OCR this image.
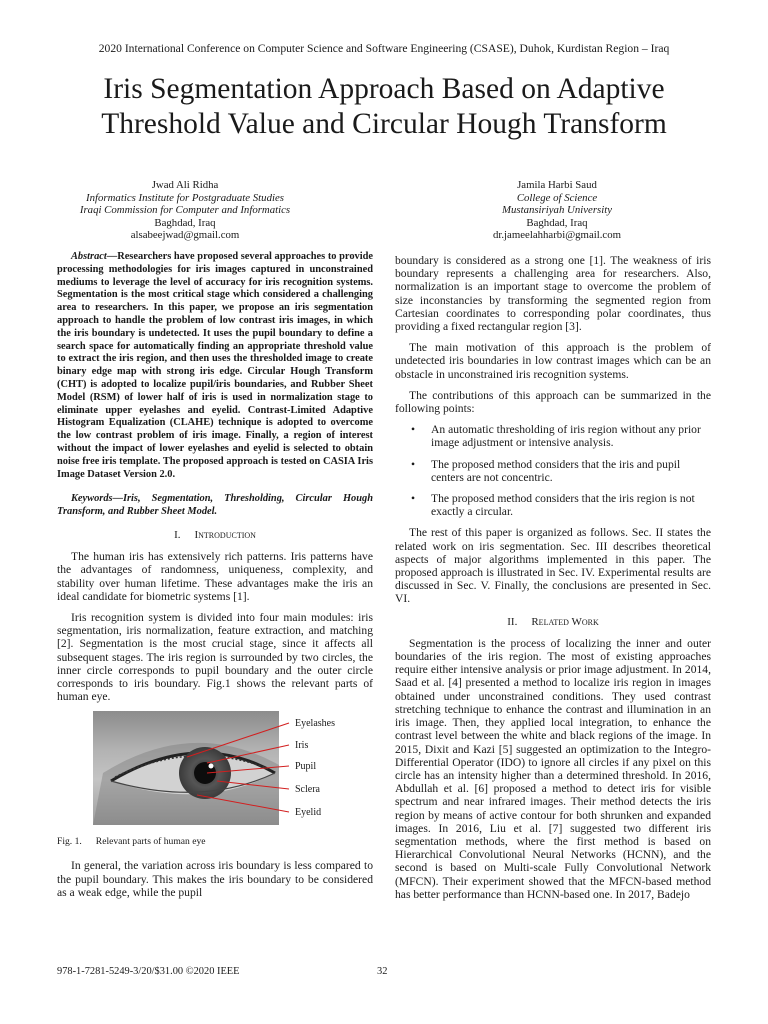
2020 International Conference on Computer Science and Software Engineering (CSASE), Duhok, Kurdistan Region – Iraq
Iris Segmentation Approach Based on Adaptive
Threshold Value and Circular Hough Transform
Jwad Ali Ridha
Informatics Institute for Postgraduate Studies
Iraqi Commission for Computer and Informatics
Baghdad, Iraq
alsabeejwad@gmail.com
Jamila Harbi Saud
College of Science
Mustansiriyah University
Baghdad, Iraq
dr.jameelahharbi@gmail.com
Abstract—Researchers have proposed several approaches to provide processing methodologies for iris images captured in unconstrained mediums to leverage the level of accuracy for iris recognition systems. Segmentation is the most critical stage which considered a challenging area to researchers. In this paper, we propose an iris segmentation approach to handle the problem of low contrast iris images, in which the iris boundary is undetected. It uses the pupil boundary to define a search space for automatically finding an appropriate threshold value to extract the iris region, and then uses the thresholded image to create binary edge map with strong iris edge. Circular Hough Transform (CHT) is adopted to localize pupil/iris boundaries, and Rubber Sheet Model (RSM) of lower half of iris is used in normalization stage to eliminate upper eyelashes and eyelid. Contrast-Limited Adaptive Histogram Equalization (CLAHE) technique is adopted to overcome the low contrast problem of iris image. Finally, a region of interest without the impact of lower eyelashes and eyelid is selected to obtain noise free iris template. The proposed approach is tested on CASIA Iris Image Dataset Version 2.0.
Keywords—Iris, Segmentation, Thresholding, Circular Hough Transform, and Rubber Sheet Model.
I. Introduction

The human iris has extensively rich patterns. Iris patterns have the advantages of randomness, uniqueness, complexity, and stability over human lifetime. These advantages make the iris an ideal candidate for biometric systems [1].

Iris recognition system is divided into four main modules: iris segmentation, iris normalization, feature extraction, and matching [2]. Segmentation is the most crucial stage, since it affects all subsequent stages. The iris region is surrounded by two circles, the inner circle corresponds to pupil boundary and the outer circle corresponds to iris boundary. Fig.1 shows the relevant parts of human eye.

Eyelashes
Iris
Pupil
Sclera
Eyelid
Fig. 1. Relevant parts of human eye

In general, the variation across iris boundary is less compared to the pupil boundary. This makes the iris boundary to be considered as a weak edge, while the pupil

boundary is considered as a strong one [1]. The weakness of iris boundary represents a challenging area for researchers. Also, normalization is an important stage to overcome the problem of size inconstancies by transforming the segmented region from Cartesian coordinates to corresponding polar coordinates, thus providing a fixed rectangular region [3].

The main motivation of this approach is the problem of undetected iris boundaries in low contrast images which can be an obstacle in unconstrained iris recognition systems.

The contributions of this approach can be summarized in the following points:

• An automatic thresholding of iris region without any prior image adjustment or intensive analysis.
• The proposed method considers that the iris and pupil centers are not concentric.
• The proposed method considers that the iris region is not exactly a circular.

The rest of this paper is organized as follows. Sec. II states the related work on iris segmentation. Sec. III describes theoretical aspects of major algorithms implemented in this paper. The proposed approach is illustrated in Sec. IV. Experimental results are discussed in Sec. V. Finally, the conclusions are presented in Sec. VI.

II. Related Work

Segmentation is the process of localizing the inner and outer boundaries of the iris region. The most of existing approaches require either intensive analysis or prior image adjustment. In 2014, Saad et al. [4] presented a method to localize iris region in images obtained under unconstrained conditions. They used contrast stretching technique to enhance the contrast and illumination in an iris image. Then, they applied local integration, to enhance the contrast level between the white and black regions of the image. In 2015, Dixit and Kazi [5] suggested an optimization to the Integro-Differential Operator (IDO) to ignore all circles if any pixel on this circle has an intensity higher than a determined threshold. In 2016, Abdullah et al. [6] proposed a method to detect iris for visible spectrum and near infrared images. Their method detects the iris region by means of active contour for both shrunken and expanded images. In 2016, Liu et al. [7] suggested two different iris segmentation methods, where the first method is based on Hierarchical Convolutional Neural Networks (HCNN), and the second is based on Multi-scale Fully Convolutional Network (MFCN). Their experiment showed that the MFCN-based method has better performance than HCNN-based one. In 2017, Badejo

978-1-7281-5249-3/20/$31.00 ©2020 IEEE	32
